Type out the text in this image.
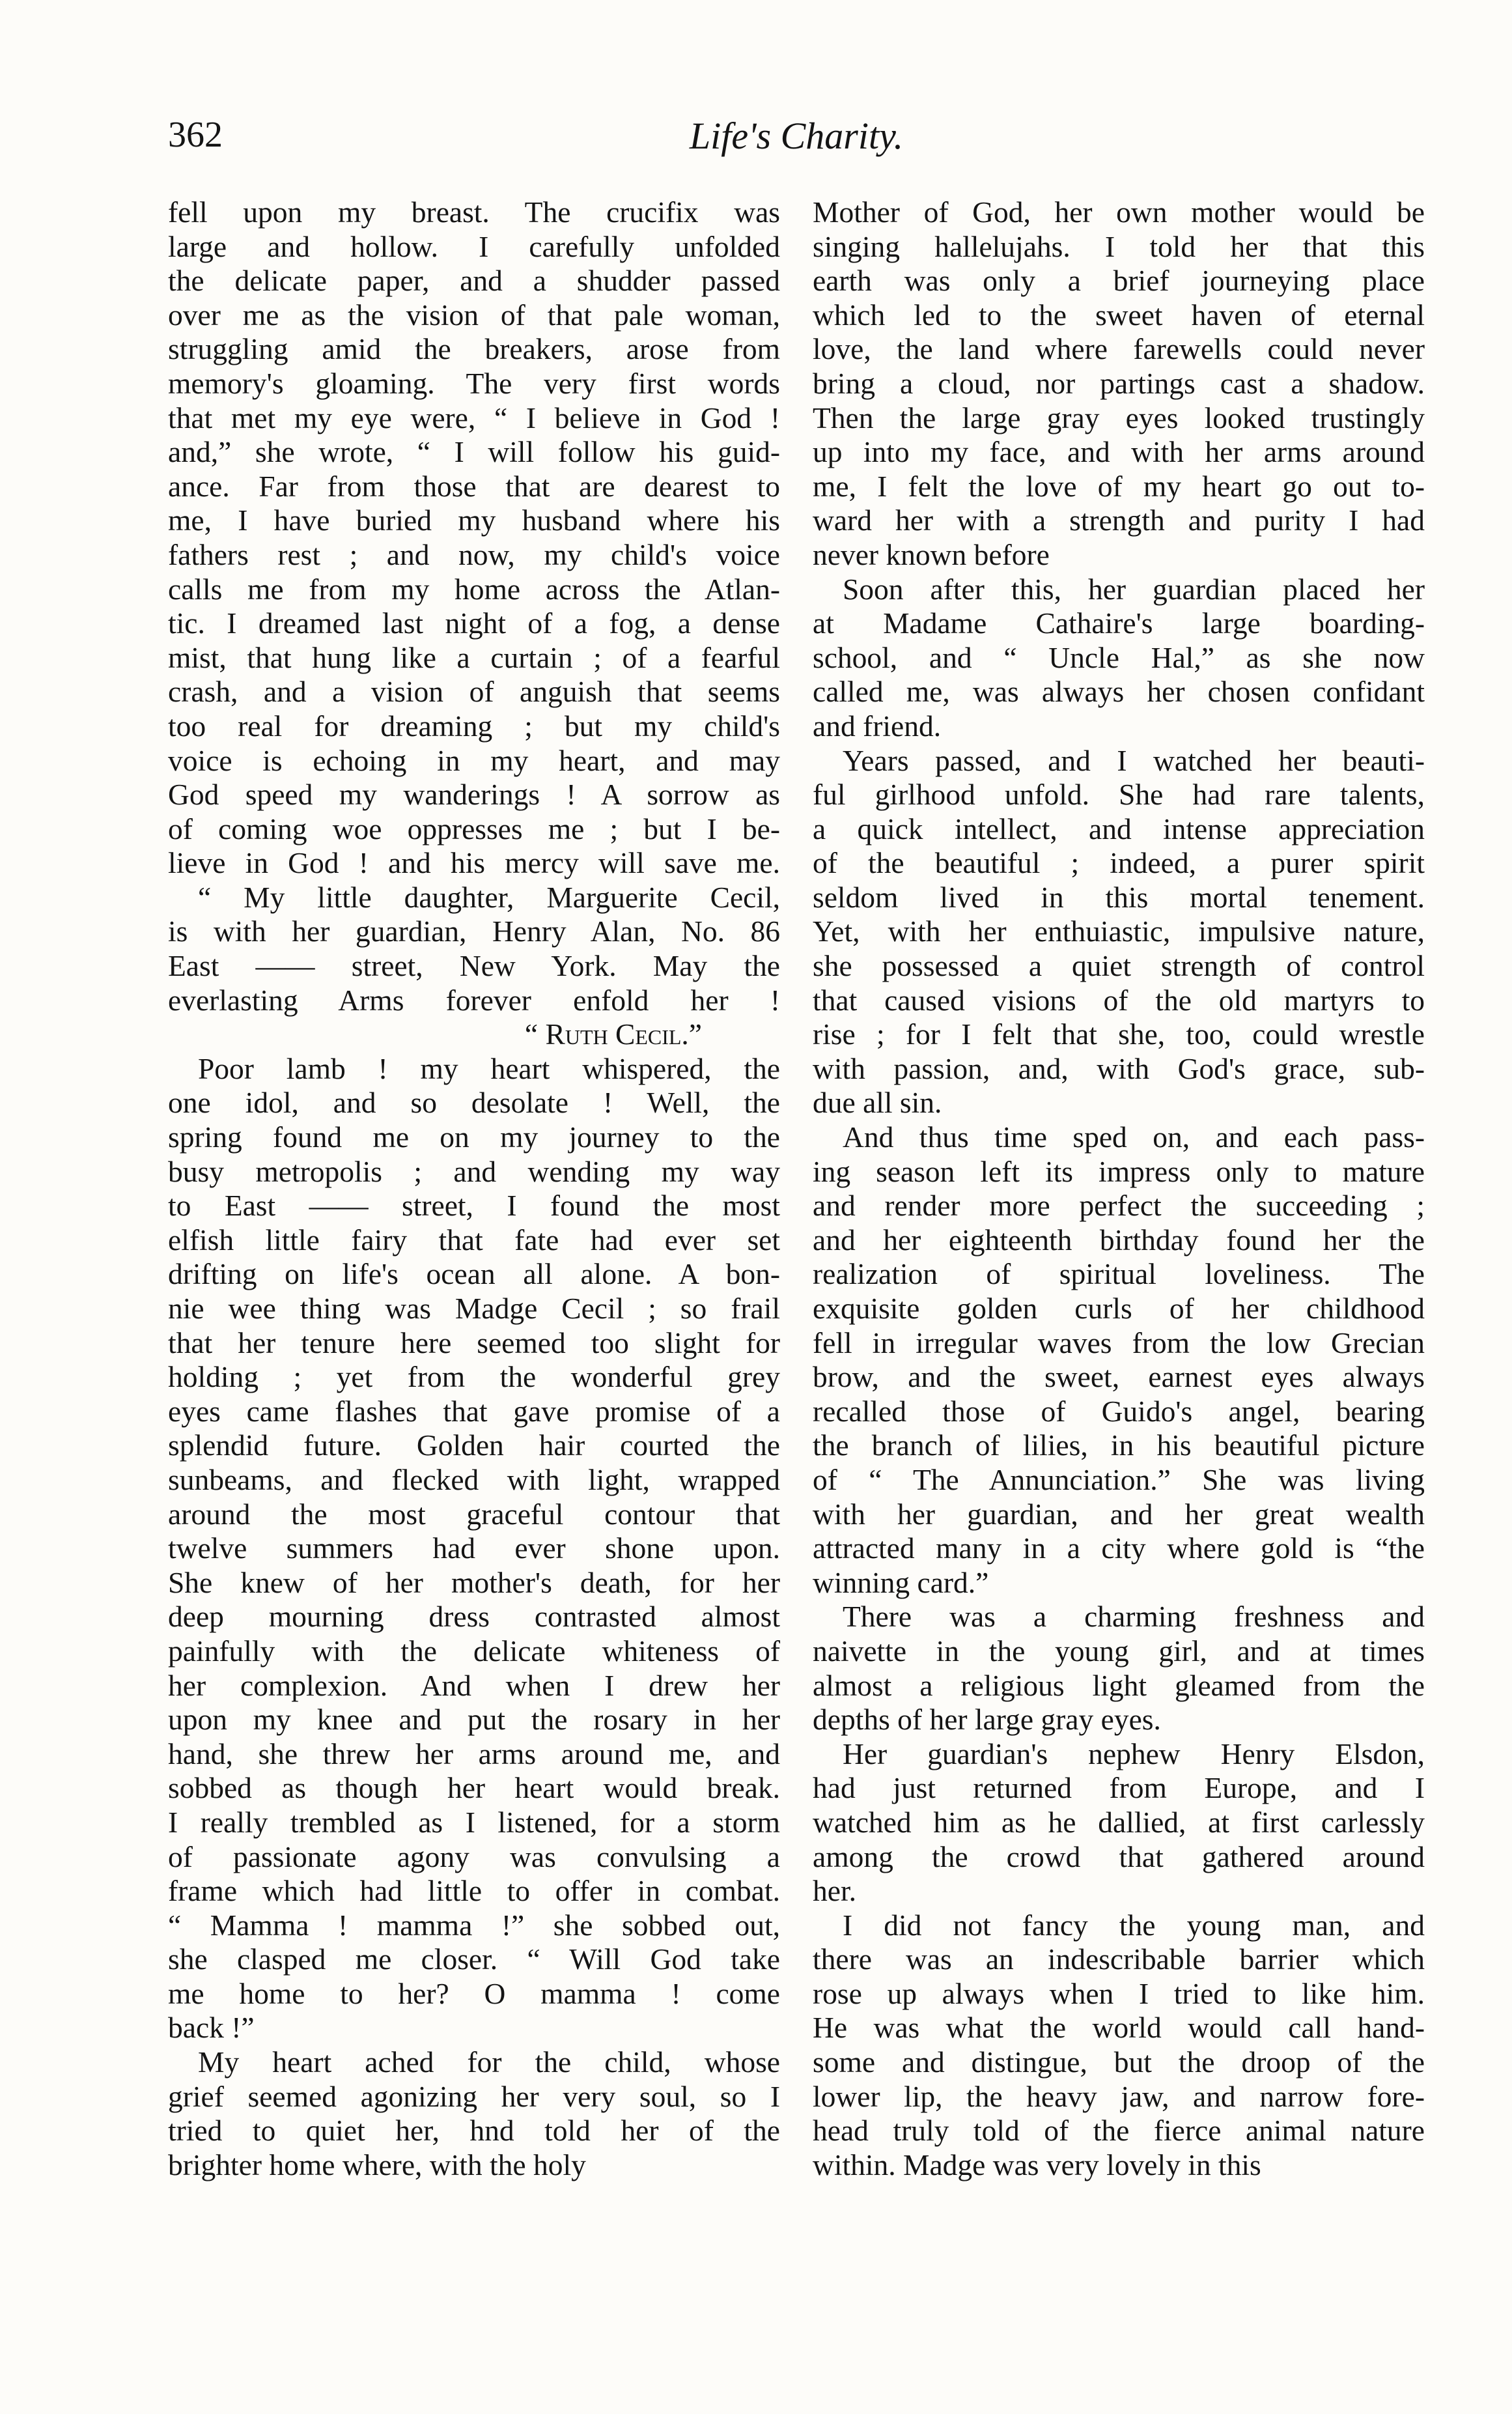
362	Life's Charity.
fell upon my breast. The crucifix was
large and hollow. I carefully unfolded
the delicate paper, and a shudder passed
over me as the vision of that pale woman,
struggling amid the breakers, arose from
memory's gloaming. The very first words
that met my eye were, “ I believe in God !
and,” she wrote, “ I will follow his guid-
ance. Far from those that are dearest to
me, I have buried my husband where his
fathers rest ; and now, my child's voice
calls me from my home across the Atlan-
tic. I dreamed last night of a fog, a dense
mist, that hung like a curtain ; of a fearful
crash, and a vision of anguish that seems
too real for dreaming ; but my child's
voice is echoing in my heart, and may
God speed my wanderings ! A sorrow as
of coming woe oppresses me ; but I be-
lieve in God ! and his mercy will save me.
“ My little daughter, Marguerite Cecil,
is with her guardian, Henry Alan, No. 86
East —— street, New York. May the
everlasting Arms forever enfold her !
“ Ruth Cecil.”
Poor lamb ! my heart whispered, the
one idol, and so desolate ! Well, the
spring found me on my journey to the
busy metropolis ; and wending my way
to East —— street, I found the most
elfish little fairy that fate had ever set
drifting on life's ocean all alone. A bon-
nie wee thing was Madge Cecil ; so frail
that her tenure here seemed too slight for
holding ; yet from the wonderful grey
eyes came flashes that gave promise of a
splendid future. Golden hair courted the
sunbeams, and flecked with light, wrapped
around the most graceful contour that
twelve summers had ever shone upon.
She knew of her mother's death, for her
deep mourning dress contrasted almost
painfully with the delicate whiteness of
her complexion. And when I drew her
upon my knee and put the rosary in her
hand, she threw her arms around me, and
sobbed as though her heart would break.
I really trembled as I listened, for a storm
of passionate agony was convulsing a
frame which had little to offer in combat.
“ Mamma ! mamma !” she sobbed out,
she clasped me closer. “ Will God take
me home to her? O mamma ! come
back !”
My heart ached for the child, whose
grief seemed agonizing her very soul, so I
tried to quiet her, hnd told her of the
brighter home where, with the holy
Mother of God, her own mother would be
singing hallelujahs. I told her that this
earth was only a brief journeying place
which led to the sweet haven of eternal
love, the land where farewells could never
bring a cloud, nor partings cast a shadow.
Then the large gray eyes looked trustingly
up into my face, and with her arms around
me, I felt the love of my heart go out to-
ward her with a strength and purity I had
never known before
Soon after this, her guardian placed her
at Madame Cathaire's large boarding-
school, and “ Uncle Hal,” as she now
called me, was always her chosen confidant
and friend.
Years passed, and I watched her beauti-
ful girlhood unfold. She had rare talents,
a quick intellect, and intense appreciation
of the beautiful ; indeed, a purer spirit
seldom lived in this mortal tenement.
Yet, with her enthuiastic, impulsive nature,
she possessed a quiet strength of control
that caused visions of the old martyrs to
rise ; for I felt that she, too, could wrestle
with passion, and, with God's grace, sub-
due all sin.
And thus time sped on, and each pass-
ing season left its impress only to mature
and render more perfect the succeeding ;
and her eighteenth birthday found her the
realization of spiritual loveliness. The
exquisite golden curls of her childhood
fell in irregular waves from the low Grecian
brow, and the sweet, earnest eyes always
recalled those of Guido's angel, bearing
the branch of lilies, in his beautiful picture
of “ The Annunciation.” She was living
with her guardian, and her great wealth
attracted many in a city where gold is “the
winning card.”
There was a charming freshness and
naivette in the young girl, and at times
almost a religious light gleamed from the
depths of her large gray eyes.
Her guardian's nephew Henry Elsdon,
had just returned from Europe, and I
watched him as he dallied, at first carlessly
among the crowd that gathered around
her.
I did not fancy the young man, and
there was an indescribable barrier which
rose up always when I tried to like him.
He was what the world would call hand-
some and distingue, but the droop of the
lower lip, the heavy jaw, and narrow fore-
head truly told of the fierce animal nature
within. Madge was very lovely in this
